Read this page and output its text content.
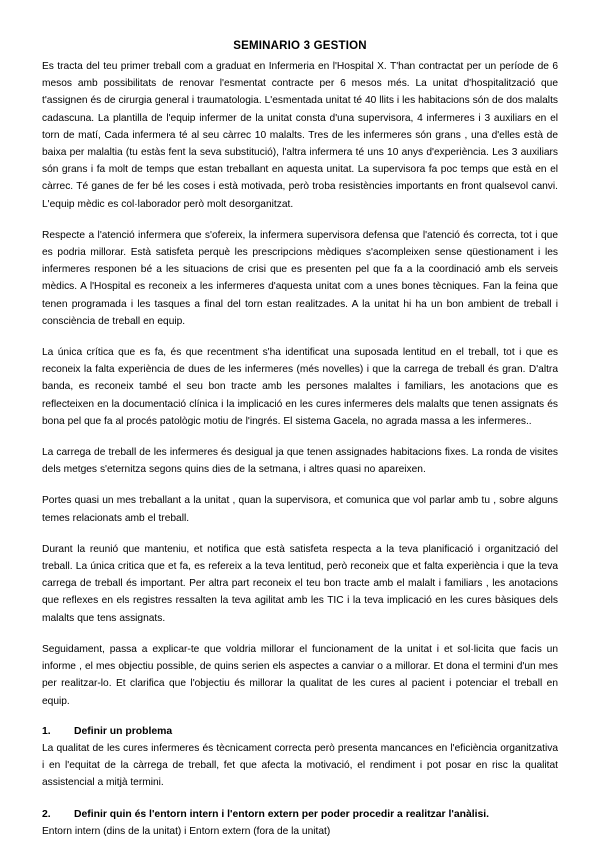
SEMINARIO 3 GESTION

Es tracta del teu primer treball com a graduat en Infermeria en l'Hospital X. T'han contractat per un període de 6 mesos amb possibilitats de renovar l'esmentat contracte per 6 mesos més. La unitat d'hospitalització que t'assignen és de cirurgia general i traumatologia. L'esmentada unitat té 40 llits i les habitacions són de dos malalts cadascuna. La plantilla de l'equip infermer de la unitat consta d'una supervisora, 4 infermeres i 3 auxiliars en el torn de matí, Cada infermera té al seu càrrec 10 malalts. Tres de les infermeres són grans , una d'elles està de baixa per malaltia (tu estàs fent la seva substitució), l'altra infermera té uns 10 anys d'experiència. Les 3 auxiliars són grans i fa molt de temps que estan treballant en aquesta unitat. La supervisora fa poc temps que està en el càrrec. Té ganes de fer bé les coses i està motivada, però troba resistències importants en front qualsevol canvi. L'equip mèdic es col·laborador però molt desorganitzat.

Respecte a l'atenció infermera que s'ofereix, la infermera supervisora defensa que l'atenció és correcta, tot i que es podria millorar. Està satisfeta perquè les prescripcions mèdiques s'acompleixen sense qüestionament i les infermeres responen bé a les situacions de crisi que es presenten pel que fa a la coordinació amb els serveis mèdics. A l'Hospital es reconeix a les infermeres d'aquesta unitat com a unes bones tècniques. Fan la feina que tenen programada i les tasques a final del torn estan realitzades. A la unitat hi ha un bon ambient de treball i consciència de treball en equip.

La única crítica que es fa, és que recentment s'ha identificat una suposada lentitud en el treball, tot i que es reconeix la falta experiència de dues de les infermeres (més novelles) i que la carrega de treball és gran. D'altra banda, es reconeix també el seu bon tracte amb les persones malaltes i familiars, les anotacions que es reflecteixen en la documentació clínica i la implicació en les cures infermeres dels malalts que tenen assignats és bona pel que fa al procés patològic motiu de l'ingrés. El sistema Gacela, no agrada massa a les infermeres..

La carrega de treball de les infermeres és desigual ja que tenen assignades habitacions fixes. La ronda de visites dels metges s'eternitza segons quins dies de la setmana, i altres quasi no apareixen.

Portes quasi un mes treballant a la unitat , quan la supervisora, et comunica que vol parlar amb tu , sobre alguns temes relacionats amb el treball.

Durant la reunió que manteniu, et notifica que està satisfeta respecta a la teva planificació i organització del treball. La única critica que et fa, es refereix a la teva lentitud, però reconeix que et falta experiència i que la teva carrega de treball és important. Per altra part reconeix el teu bon tracte amb el malalt i familiars , les anotacions que reflexes en els registres ressalten la teva agilitat amb les TIC i la teva implicació en les cures bàsiques dels malalts que tens assignats.

Seguidament, passa a explicar-te que voldria millorar el funcionament de la unitat i et sol·licita que facis un informe , el mes objectiu possible, de quins serien els aspectes a canviar o a millorar. Et dona el termini d'un mes per realitzar-lo. Et clarifica que l'objectiu és millorar la qualitat de les cures al pacient i potenciar el treball en equip.

1.	Definir un problema

La qualitat de les cures infermeres és tècnicament correcta però presenta mancances en l'eficiència organitzativa i en l'equitat de la càrrega de treball, fet que afecta la motivació, el rendiment i pot posar en risc la qualitat assistencial a mitjà termini.

2.	Definir quin és l'entorn intern i l'entorn extern per poder procedir a realitzar l'anàlisi.

Entorn intern (dins de la unitat) i Entorn extern (fora de la unitat)
